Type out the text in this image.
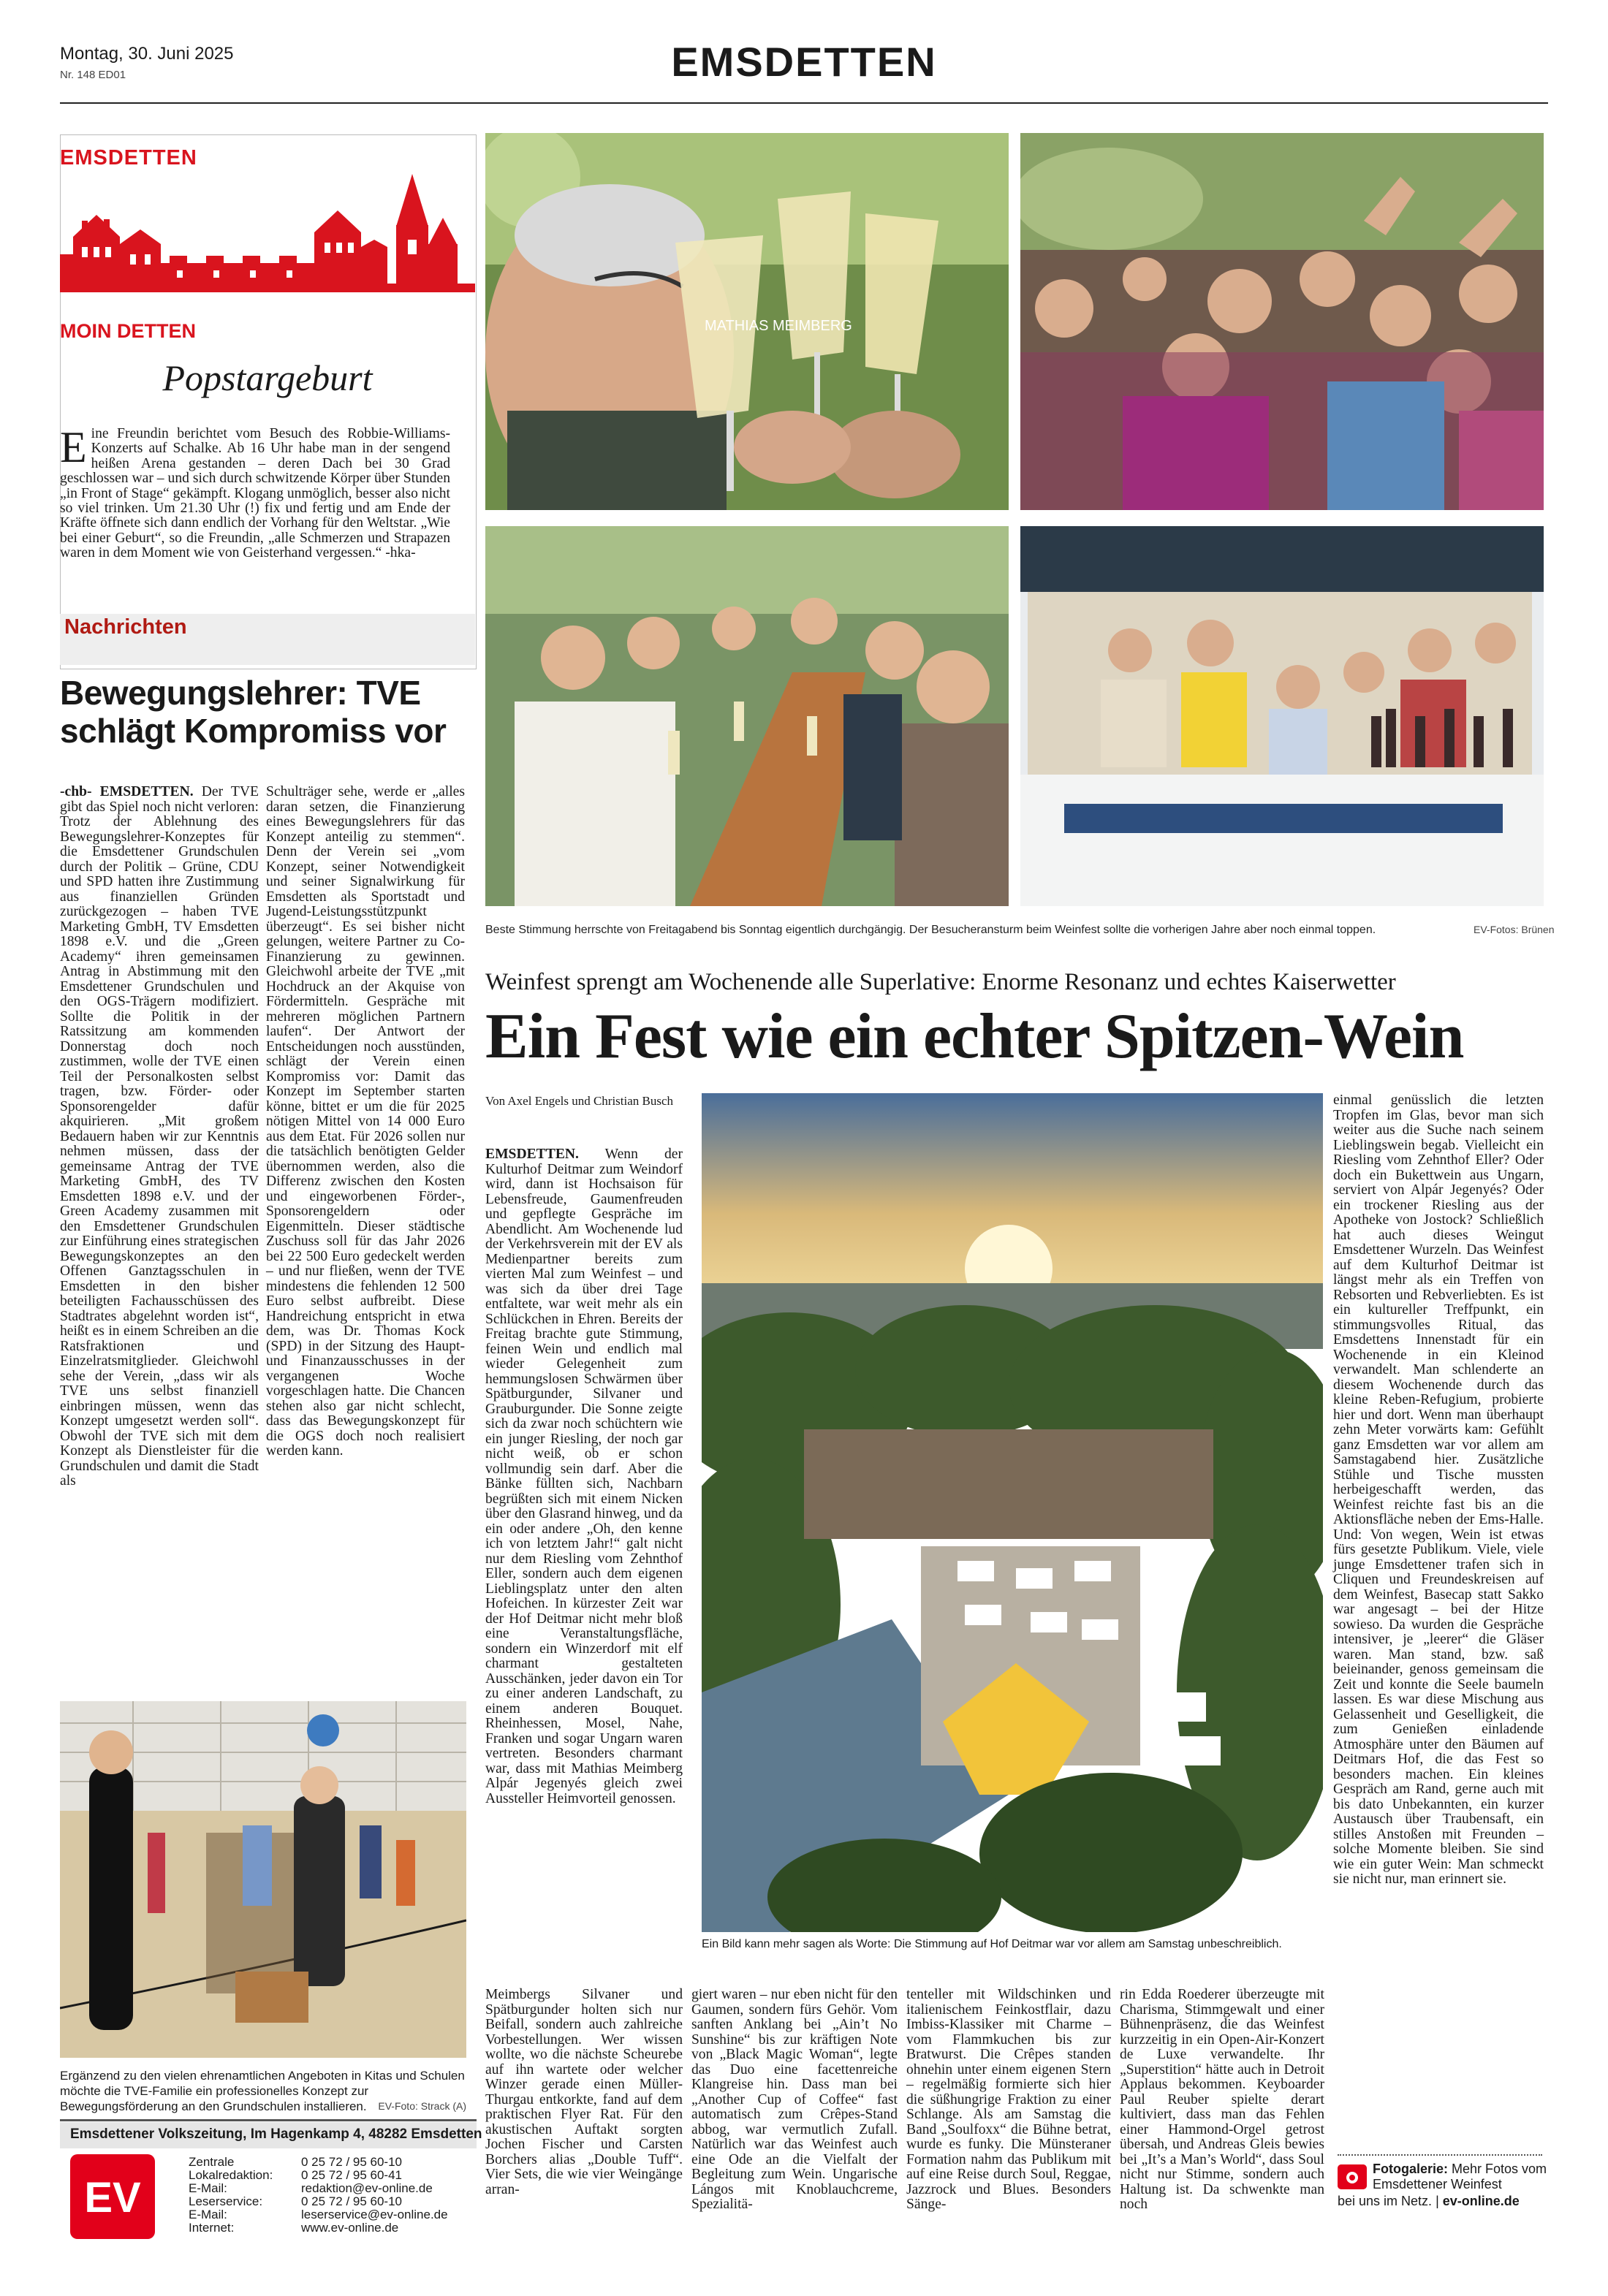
Montag, 30. Juni 2025
Nr. 148 ED01	EMSDETTEN
EMSDETTEN
MOIN DETTEN
Popstargeburt
Eine Freundin berichtet vom Besuch des Robbie-Williams-Konzerts auf Schalke. Ab 16 Uhr habe man in der sengend heißen Arena gestanden – deren Dach bei 30 Grad geschlossen war – und sich durch schwitzende Körper über Stunden „in Front of Stage“ gekämpft. Klogang unmöglich, besser also nicht so viel trinken. Um 21.30 Uhr (!) fix und fertig und am Ende der Kräfte öffnete sich dann endlich der Vorhang für den Weltstar. „Wie bei einer Geburt“, so die Freundin, „alle Schmerzen und Strapazen waren in dem Moment wie von Geisterhand vergessen.“ -hka-
Nachrichten
Bewegungslehrer: TVE schlägt Kompromiss vor
-chb- EMSDETTEN. Der TVE gibt das Spiel noch nicht verloren: Trotz der Ablehnung des Bewegungslehrer-Konzeptes für die Emsdettener Grundschulen durch der Politik – Grüne, CDU und SPD hatten ihre Zustimmung aus finanziellen Gründen zurückgezogen – haben TVE Marketing GmbH, TV Emsdetten 1898 e.V. und die „Green Academy“ ihren gemeinsamen Antrag in Abstimmung mit den Emsdettener Grundschulen und den OGS-Trägern modifiziert. Sollte die Politik in der Ratssitzung am kommenden Donnerstag doch noch zustimmen, wolle der TVE einen Teil der Personalkosten selbst tragen, bzw. Förder- oder Sponsorengelder dafür akquirieren. „Mit großem Bedauern haben wir zur Kenntnis nehmen müssen, dass der gemeinsame Antrag der TVE Marketing GmbH, des TV Emsdetten 1898 e.V. und der Green Academy zusammen mit den Emsdettener Grundschulen zur Einführung eines strategischen Bewegungskonzeptes an den Offenen Ganztagsschulen in Emsdetten in den bisher beteiligten Fachausschüssen des Stadtrates abgelehnt worden ist“, heißt es in einem Schreiben an die Ratsfraktionen und Einzelratsmitglieder. Gleichwohl sehe der Verein, „dass wir als TVE uns selbst finanziell einbringen müssen, wenn das Konzept umgesetzt werden soll“. Obwohl der TVE sich mit dem Konzept als Dienstleister für die Grundschulen und damit die Stadt als
Schulträger sehe, werde er „alles daran setzen, die Finanzierung eines Bewegungslehrers für das Konzept anteilig zu stemmen“. Denn der Verein sei „vom Konzept, seiner Notwendigkeit und seiner Signalwirkung für Emsdetten als Sportstadt und Jugend-Leistungsstützpunkt überzeugt“. Es sei bisher nicht gelungen, weitere Partner zu Co-Finanzierung zu gewinnen. Gleichwohl arbeite der TVE „mit Hochdruck an der Akquise von Fördermitteln. Gespräche mit mehreren möglichen Partnern laufen“. Der Antwort der Entscheidungen noch ausstünden, schlägt der Verein einen Kompromiss vor: Damit das Konzept im September starten könne, bittet er um die für 2025 nötigen Mittel von 14 000 Euro aus dem Etat. Für 2026 sollen nur die tatsächlich benötigten Gelder übernommen werden, also die Differenz zwischen den Kosten und eingeworbenen Förder-, Sponsorengeldern oder Eigenmitteln. Dieser städtische Zuschuss soll für das Jahr 2026 bei 22 500 Euro gedeckelt werden – und nur fließen, wenn der TVE mindestens die fehlenden 12 500 Euro selbst aufbreibt. Diese Handreichung entspricht in etwa dem, was Dr. Thomas Kock (SPD) in der Sitzung des Haupt- und Finanzausschusses in der vergangenen Woche vorgeschlagen hatte. Die Chancen stehen also gar nicht schlecht, dass das Bewegungskonzept für die OGS doch noch realisiert werden kann.
Ergänzend zu den vielen ehrenamtlichen Angeboten in Kitas und Schulen möchte die TVE-Familie ein professionelles Konzept zur Bewegungsförderung an den Grundschulen installieren.	EV-Foto: Strack (A)
Emsdettener Volkszeitung, Im Hagenkamp 4, 48282 Emsdetten
EV
Zentrale	0 25 72 / 95 60-10
Lokalredaktion: 0 25 72 / 95 60-41
E-Mail:	redaktion@ev-online.de
Leserservice:	0 25 72 / 95 60-10
E-Mail:	leserservice@ev-online.de
Internet:	www.ev-online.de
MATHIAS MEIMBERG
Beste Stimmung herrschte von Freitagabend bis Sonntag eigentlich durchgängig. Der Besucheransturm beim Weinfest sollte die vorherigen Jahre aber noch einmal toppen.	EV-Fotos: Brünen
Weinfest sprengt am Wochenende alle Superlative: Enorme Resonanz und echtes Kaiserwetter
Ein Fest wie ein echter Spitzen-Wein
Von Axel Engels und Christian Busch
EMSDETTEN. Wenn der Kulturhof Deitmar zum Weindorf wird, dann ist Hochsaison für Lebensfreude, Gaumenfreuden und gepflegte Gespräche im Abendlicht. Am Wochenende lud der Verkehrsverein mit der EV als Medienpartner bereits zum vierten Mal zum Weinfest – und was sich da über drei Tage entfaltete, war weit mehr als ein Schlückchen in Ehren. Bereits der Freitag brachte gute Stimmung, feinen Wein und endlich mal wieder Gelegenheit zum hemmungslosen Schwärmen über Spätburgunder, Silvaner und Grauburgunder. Die Sonne zeigte sich da zwar noch schüchtern wie ein junger Riesling, der noch gar nicht weiß, ob er schon vollmundig sein darf. Aber die Bänke füllten sich, Nachbarn begrüßten sich mit einem Nicken über den Glasrand hinweg, und da ein oder andere „Oh, den kenne ich von letztem Jahr!“ galt nicht nur dem Riesling vom Zehnthof Eller, sondern auch dem eigenen Lieblingsplatz unter den alten Hofeichen. In kürzester Zeit war der Hof Deitmar nicht mehr bloß eine Veranstaltungsfläche, sondern ein Winzerdorf mit elf charmant gestalteten Ausschänken, jeder davon ein Tor zu einer anderen Landschaft, zu einem anderen Bouquet. Rheinhessen, Mosel, Nahe, Franken und sogar Ungarn waren vertreten. Besonders charmant war, dass mit Mathias Meimberg Alpár Jegenyés gleich zwei Aussteller Heimvorteil genossen.
Ein Bild kann mehr sagen als Worte: Die Stimmung auf Hof Deitmar war vor allem am Samstag unbeschreiblich.
Meimbergs Silvaner und Spätburgunder holten sich nur Beifall, sondern auch zahlreiche Vorbestellungen. Wer wissen wollte, wo die nächste Scheurebe auf ihn wartete oder welcher Winzer gerade einen Müller-Thurgau entkorkte, fand auf dem praktischen Flyer Rat. Für den akustischen Auftakt sorgten Jochen Fischer und Carsten Borchers alias „Double Tuff“. Vier Sets, die wie vier Weingänge arran-
giert waren – nur eben nicht für den Gaumen, sondern fürs Gehör. Vom sanften Anklang bei „Ain’t No Sunshine“ bis zur kräftigen Note von „Black Magic Woman“, legte das Duo eine facettenreiche Klangreise hin. Dass man bei „Another Cup of Coffee“ fast automatisch zum Crêpes-Stand abbog, war vermutlich Zufall. Natürlich war das Weinfest auch eine Ode an die Vielfalt der Begleitung zum Wein. Ungarische Lángos mit Knoblauchcreme, Spezialitä-
tenteller mit Wildschinken und italienischem Feinkostflair, dazu Imbiss-Klassiker mit Charme – vom Flammkuchen bis zur Bratwurst. Die Crêpes standen ohnehin unter einem eigenen Stern – regelmäßig formierte sich hier die süßhungrige Fraktion zu einer Schlange. Als am Samstag die Band „Soulfoxx“ die Bühne betrat, wurde es funky. Die Münsteraner Formation nahm das Publikum mit auf eine Reise durch Soul, Reggae, Jazzrock und Blues. Besonders Sänge-
rin Edda Roederer überzeugte mit Charisma, Stimmgewalt und einer Bühnenpräsenz, die das Weinfest kurzzeitig in ein Open-Air-Konzert de Luxe verwandelte. Ihr „Superstition“ hätte auch in Detroit Applaus bekommen. Keyboarder Paul Reuber spielte derart kultiviert, dass man das Fehlen einer Hammond-Orgel getrost übersah, und Andreas Gleis bewies bei „It’s a Man’s World“, dass Soul nicht nur Stimme, sondern auch Haltung ist. Da schwenkte man noch
einmal genüsslich die letzten Tropfen im Glas, bevor man sich weiter aus die Suche nach seinem Lieblingswein begab. Vielleicht ein Riesling vom Zehnthof Eller? Oder doch ein Bukettwein aus Ungarn, serviert von Alpár Jegenyés? Oder ein trockener Riesling aus der Apotheke von Jostock? Schließlich hat auch dieses Weingut Emsdettener Wurzeln. Das Weinfest auf dem Kulturhof Deitmar ist längst mehr als ein Treffen von Rebsorten und Rebverliebten. Es ist ein kultureller Treffpunkt, ein stimmungsvolles Ritual, das Emsdettens Innenstadt für ein Wochenende in ein Kleinod verwandelt. Man schlenderte an diesem Wochenende durch das kleine Reben-Refugium, probierte hier und dort. Wenn man überhaupt zehn Meter vorwärts kam: Gefühlt ganz Emsdetten war vor allem am Samstagabend hier. Zusätzliche Stühle und Tische mussten herbeigeschafft werden, das Weinfest reichte fast bis an die Aktionsfläche neben der Ems-Halle. Und: Von wegen, Wein ist etwas fürs gesetzte Publikum. Viele, viele junge Emsdettener trafen sich in Cliquen und Freundeskreisen auf dem Weinfest, Basecap statt Sakko war angesagt – bei der Hitze sowieso. Da wurden die Gespräche intensiver, je „leerer“ die Gläser waren. Man stand, bzw. saß beieinander, genoss gemeinsam die Zeit und konnte die Seele baumeln lassen. Es war diese Mischung aus Gelassenheit und Geselligkeit, die zum Genießen einladende Atmosphäre unter den Bäumen auf Deitmars Hof, die das Fest so besonders machen. Ein kleines Gespräch am Rand, gerne auch mit bis dato Unbekannten, ein kurzer Austausch über Traubensaft, ein stilles Anstoßen mit Freunden – solche Momente bleiben. Sie sind wie ein guter Wein: Man schmeckt sie nicht nur, man erinnert sie.
Fotogalerie: Mehr Fotos vom Emsdettener Weinfest
bei uns im Netz. | ev-online.de
